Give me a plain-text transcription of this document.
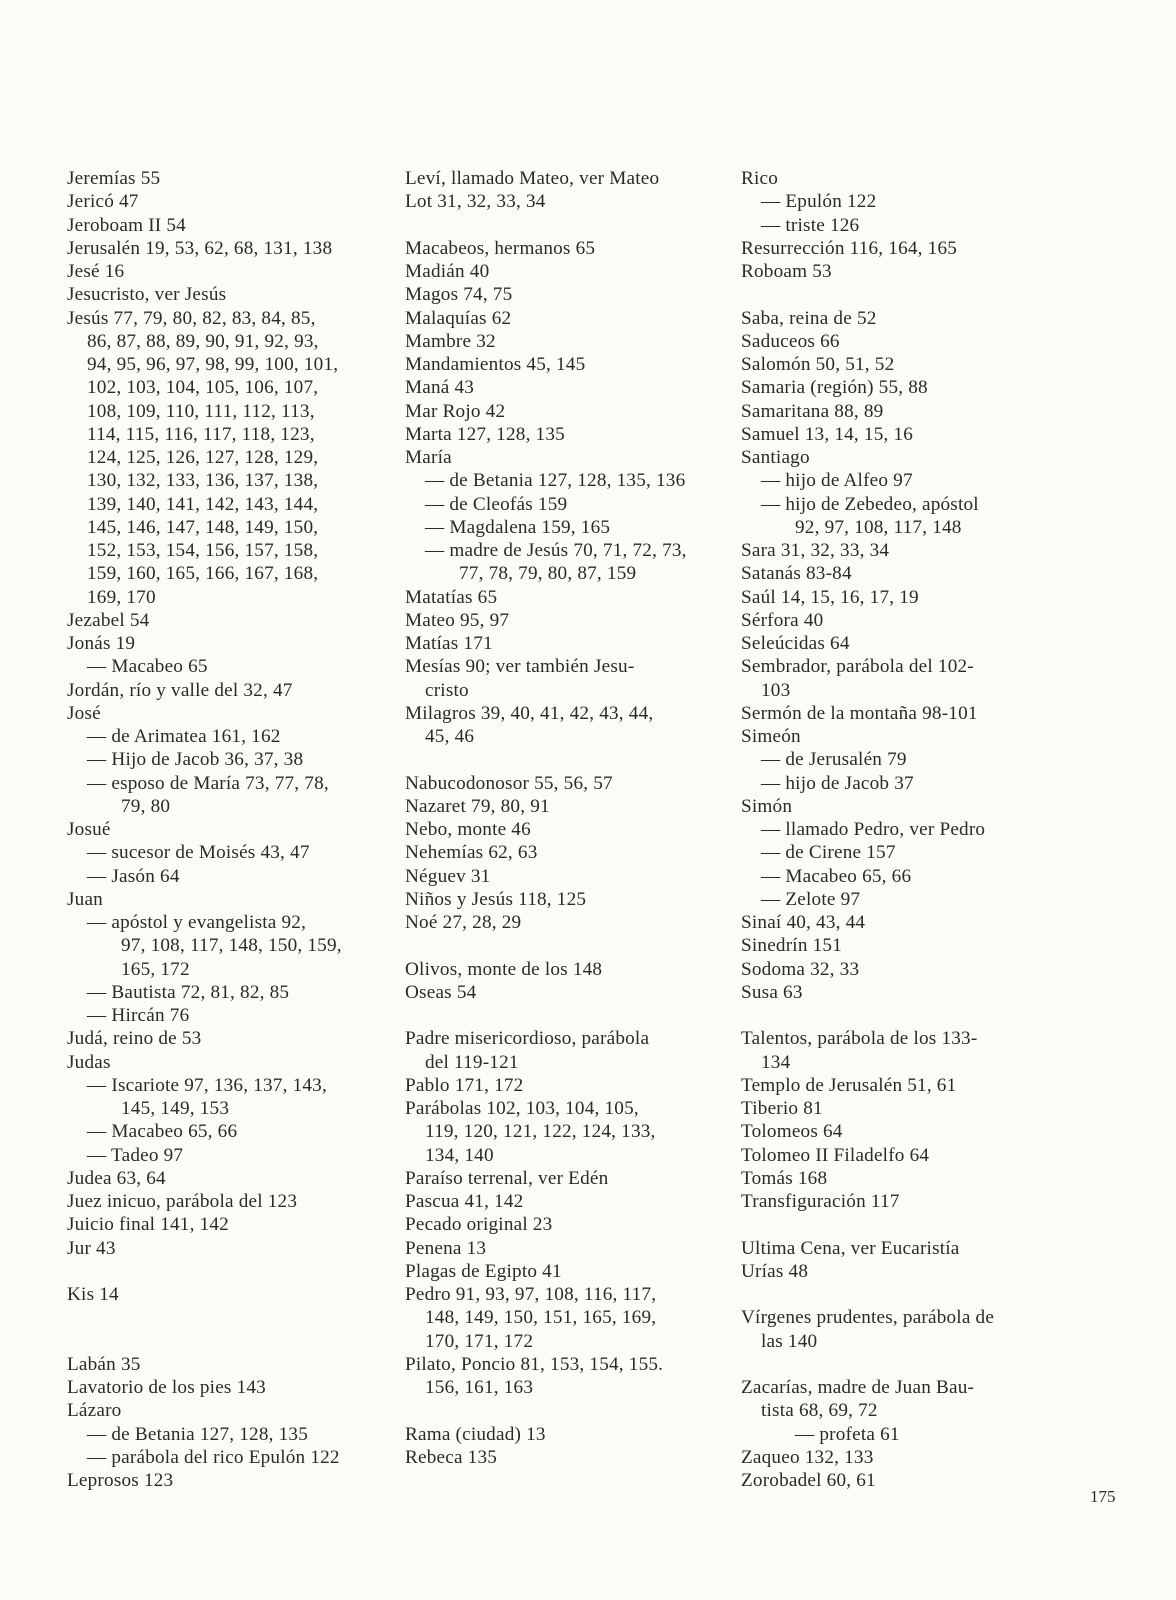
Jeremías 55
Jericó 47
Jeroboam II 54
Jerusalén 19, 53, 62, 68, 131, 138
Jesé 16
Jesucristo, ver Jesús
Jesús 77, 79, 80, 82, 83, 84, 85,
86, 87, 88, 89, 90, 91, 92, 93,
94, 95, 96, 97, 98, 99, 100, 101,
102, 103, 104, 105, 106, 107,
108, 109, 110, 111, 112, 113,
114, 115, 116, 117, 118, 123,
124, 125, 126, 127, 128, 129,
130, 132, 133, 136, 137, 138,
139, 140, 141, 142, 143, 144,
145, 146, 147, 148, 149, 150,
152, 153, 154, 156, 157, 158,
159, 160, 165, 166, 167, 168,
169, 170
Jezabel 54
Jonás 19
— Macabeo 65
Jordán, río y valle del 32, 47
José
— de Arimatea 161, 162
— Hijo de Jacob 36, 37, 38
— esposo de María 73, 77, 78,
79, 80
Josué
— sucesor de Moisés 43, 47
— Jasón 64
Juan
— apóstol y evangelista 92,
97, 108, 117, 148, 150, 159,
165, 172
— Bautista 72, 81, 82, 85
— Hircán 76
Judá, reino de 53
Judas
— Iscariote 97, 136, 137, 143,
145, 149, 153
— Macabeo 65, 66
— Tadeo 97
Judea 63, 64
Juez inicuo, parábola del 123
Juicio final 141, 142
Jur 43
Kis 14
Labán 35
Lavatorio de los pies 143
Lázaro
— de Betania 127, 128, 135
— parábola del rico Epulón 122
Leprosos 123
Leví, llamado Mateo, ver Mateo
Lot 31, 32, 33, 34
Macabeos, hermanos 65
Madián 40
Magos 74, 75
Malaquías 62
Mambre 32
Mandamientos 45, 145
Maná 43
Mar Rojo 42
Marta 127, 128, 135
María
— de Betania 127, 128, 135, 136
— de Cleofás 159
— Magdalena 159, 165
— madre de Jesús 70, 71, 72, 73,
77, 78, 79, 80, 87, 159
Matatías 65
Mateo 95, 97
Matías 171
Mesías 90; ver también Jesu-
cristo
Milagros 39, 40, 41, 42, 43, 44,
45, 46
Nabucodonosor 55, 56, 57
Nazaret 79, 80, 91
Nebo, monte 46
Nehemías 62, 63
Néguev 31
Niños y Jesús 118, 125
Noé 27, 28, 29
Olivos, monte de los 148
Oseas 54
Padre misericordioso, parábola
del 119-121
Pablo 171, 172
Parábolas 102, 103, 104, 105,
119, 120, 121, 122, 124, 133,
134, 140
Paraíso terrenal, ver Edén
Pascua 41, 142
Pecado original 23
Penena 13
Plagas de Egipto 41
Pedro 91, 93, 97, 108, 116, 117,
148, 149, 150, 151, 165, 169,
170, 171, 172
Pilato, Poncio 81, 153, 154, 155.
156, 161, 163
Rama (ciudad) 13
Rebeca 135
Rico
— Epulón 122
— triste 126
Resurrección 116, 164, 165
Roboam 53
Saba, reina de 52
Saduceos 66
Salomón 50, 51, 52
Samaria (región) 55, 88
Samaritana 88, 89
Samuel 13, 14, 15, 16
Santiago
— hijo de Alfeo 97
— hijo de Zebedeo, apóstol
92, 97, 108, 117, 148
Sara 31, 32, 33, 34
Satanás 83-84
Saúl 14, 15, 16, 17, 19
Sérfora 40
Seleúcidas 64
Sembrador, parábola del 102-
103
Sermón de la montaña 98-101
Simeón
— de Jerusalén 79
— hijo de Jacob 37
Simón
— llamado Pedro, ver Pedro
— de Cirene 157
— Macabeo 65, 66
— Zelote 97
Sinaí 40, 43, 44
Sinedrín 151
Sodoma 32, 33
Susa 63
Talentos, parábola de los 133-
134
Templo de Jerusalén 51, 61
Tiberio 81
Tolomeos 64
Tolomeo II Filadelfo 64
Tomás 168
Transfiguración 117
Ultima Cena, ver Eucaristía
Urías 48
Vírgenes prudentes, parábola de
las 140
Zacarías, madre de Juan Bau-
tista 68, 69, 72
— profeta 61
Zaqueo 132, 133
Zorobadel 60, 61
175
